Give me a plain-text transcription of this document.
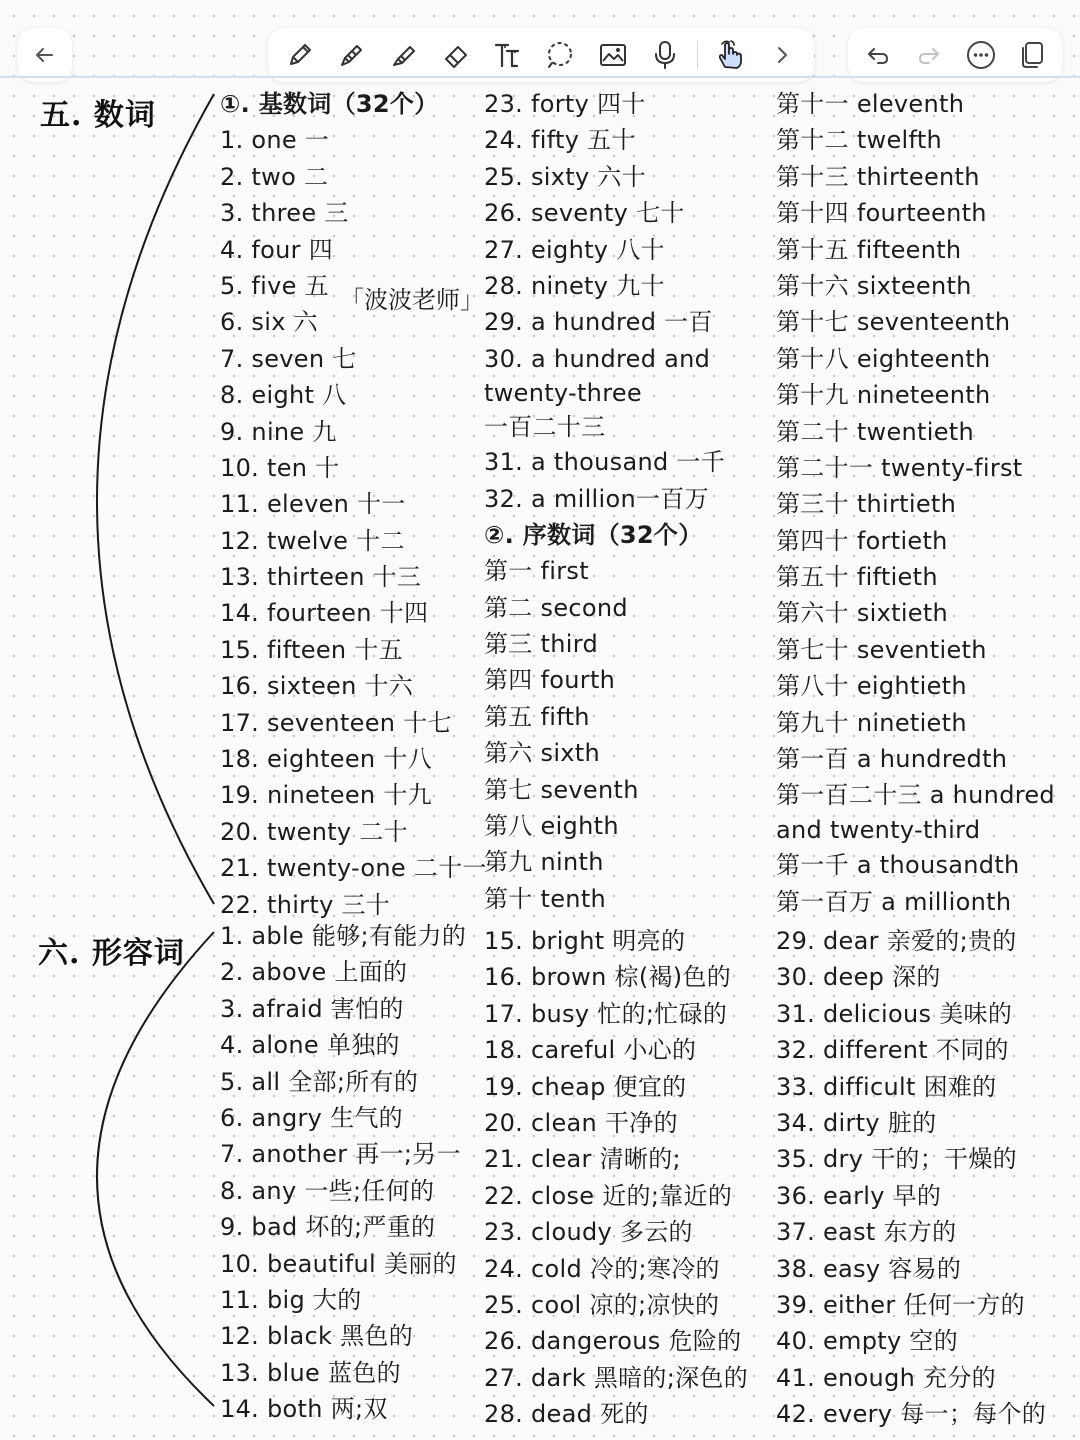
五. 数词
六. 形容词
「波波老师」
①. 基数词（32个）
1. one 一
2. two 二
3. three 三
4. four 四
5. five 五
6. six 六
7. seven 七
8. eight 八
9. nine 九
10. ten 十
11. eleven 十一
12. twelve 十二
13. thirteen 十三
14. fourteen 十四
15. fifteen 十五
16. sixteen 十六
17. seventeen 十七
18. eighteen 十八
19. nineteen 十九
20. twenty 二十
21. twenty-one 二十一
22. thirty 三十
23. forty 四十
24. fifty 五十
25. sixty 六十
26. seventy 七十
27. eighty 八十
28. ninety 九十
29. a hundred 一百
30. a hundred and
twenty-three
一百二十三
31. a thousand 一千
32. a million一百万
②. 序数词（32个）
第一 first
第二 second
第三 third
第四 fourth
第五 fifth
第六 sixth
第七 seventh
第八 eighth
第九 ninth
第十 tenth
第十一 eleventh
第十二 twelfth
第十三 thirteenth
第十四 fourteenth
第十五 fifteenth
第十六 sixteenth
第十七 seventeenth
第十八 eighteenth
第十九 nineteenth
第二十 twentieth
第二十一 twenty-first
第三十 thirtieth
第四十 fortieth
第五十 fiftieth
第六十 sixtieth
第七十 seventieth
第八十 eightieth
第九十 ninetieth
第一百 a hundredth
第一百二十三 a hundred
and twenty-third
第一千 a thousandth
第一百万 a millionth
1. able 能够;有能力的
2. above 上面的
3. afraid 害怕的
4. alone 单独的
5. all 全部;所有的
6. angry 生气的
7. another 再一;另一
8. any 一些;任何的
9. bad 坏的;严重的
10. beautiful 美丽的
11. big 大的
12. black 黑色的
13. blue 蓝色的
14. both 两;双
15. bright 明亮的
16. brown 棕(褐)色的
17. busy 忙的;忙碌的
18. careful 小心的
19. cheap 便宜的
20. clean 干净的
21. clear 清晰的;
22. close 近的;靠近的
23. cloudy 多云的
24. cold 冷的;寒冷的
25. cool 凉的;凉快的
26. dangerous 危险的
27. dark 黑暗的;深色的
28. dead 死的
29. dear 亲爱的;贵的
30. deep 深的
31. delicious 美味的
32. different 不同的
33. difficult 困难的
34. dirty 脏的
35. dry 干的；干燥的
36. early 早的
37. east 东方的
38. easy 容易的
39. either 任何一方的
40. empty 空的
41. enough 充分的
42. every 每一；每个的
